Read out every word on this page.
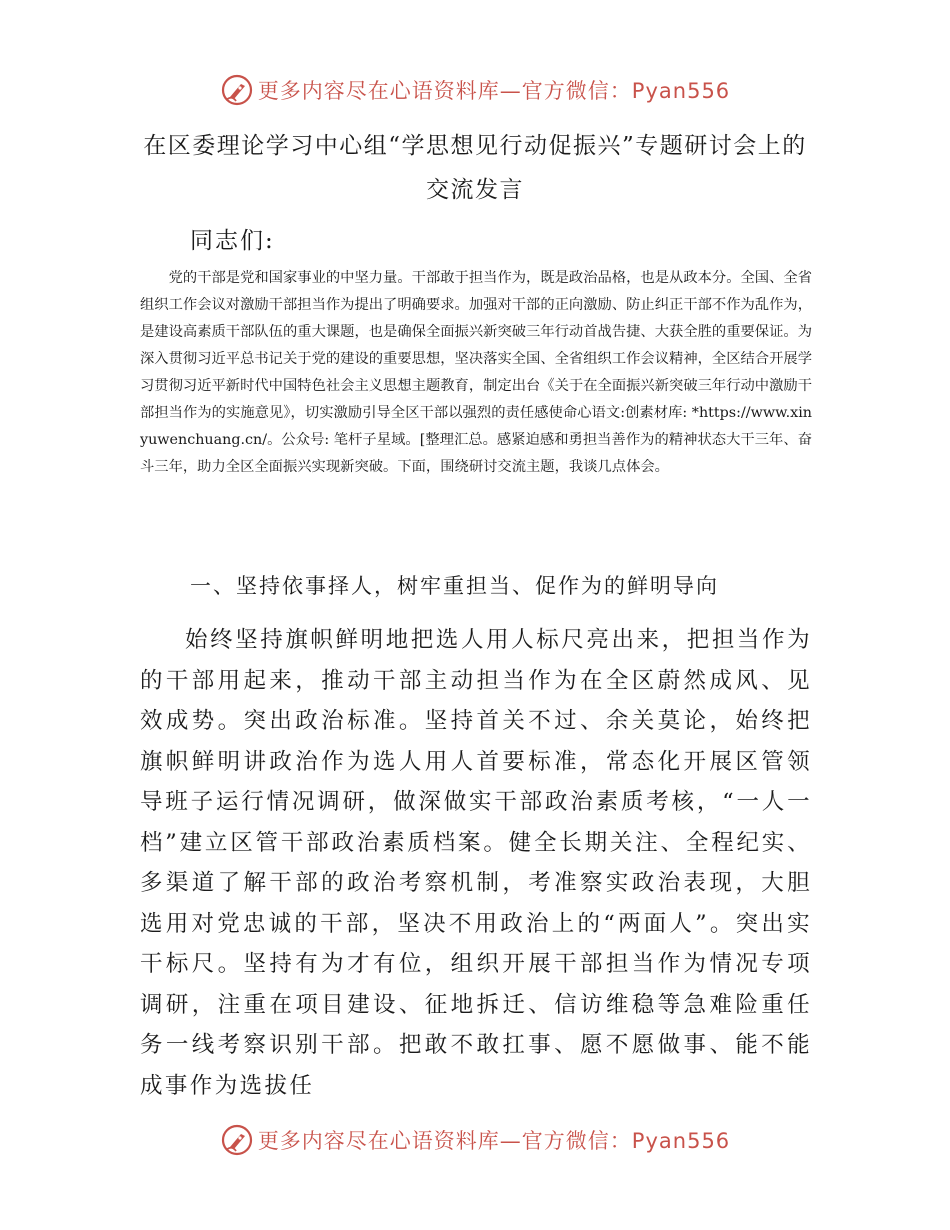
更多内容尽在心语资料库—官方微信：Pyan556
在区委理论学习中心组“学思想见行动促振兴”专题研讨会上的交流发言

同志们:

党的干部是党和国家事业的中坚力量。干部敢于担当作为，既是政治品格，也是从政本分。全国、全省组织工作会议对激励干部担当作为提出了明确要求。加强对干部的正向激励、防止纠正干部不作为乱作为，是建设高素质干部队伍的重大课题，也是确保全面振兴新突破三年行动首战告捷、大获全胜的重要保证。为深入贯彻习近平总书记关于党的建设的重要思想，坚决落实全国、全省组织工作会议精神，全区结合开展学习贯彻习近平新时代中国特色社会主义思想主题教育，制定出台《关于在全面振兴新突破三年行动中激励干部担当作为的实施意见》，切实激励引导全区干部以强烈的责任感使命心语文:创素材库: *https://www.xinyuwenchuang.cn/。公众号: 笔杆子星域。[整理汇总。感紧迫感和勇担当善作为的精神状态大干三年、奋斗三年，助力全区全面振兴实现新突破。下面，围绕研讨交流主题，我谈几点体会。

一、坚持依事择人，树牢重担当、促作为的鲜明导向

始终坚持旗帜鲜明地把选人用人标尺亮出来，把担当作为的干部用起来，推动干部主动担当作为在全区蔚然成风、见效成势。突出政治标准。坚持首关不过、余关莫论，始终把旗帜鲜明讲政治作为选人用人首要标准，常态化开展区管领导班子运行情况调研，做深做实干部政治素质考核，“一人一档”建立区管干部政治素质档案。健全长期关注、全程纪实、多渠道了解干部的政治考察机制，考准察实政治表现，大胆选用对党忠诚的干部，坚决不用政治上的“两面人”。突出实干标尺。坚持有为才有位，组织开展干部担当作为情况专项调研，注重在项目建设、征地拆迁、信访维稳等急难险重任务一线考察识别干部。把敢不敢扛事、愿不愿做事、能不能成事作为选拔任

更多内容尽在心语资料库—官方微信：Pyan556
